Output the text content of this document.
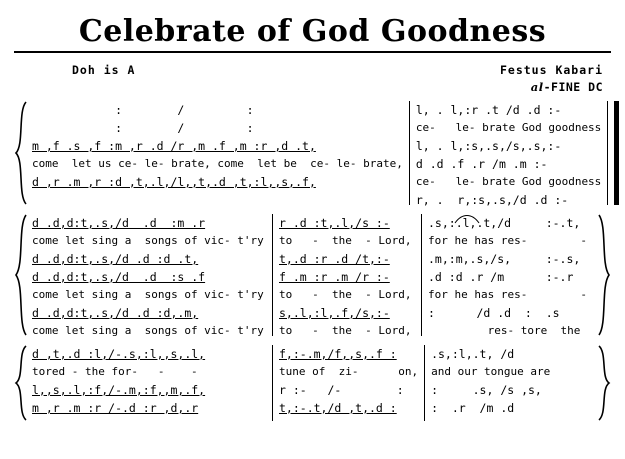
Celebrate of God Goodness
Doh is A	Festus Kabari
al-FINE DC
:        /         :
:        /         :
m ,f .s ,f :m ,r .d /r ,m .f ,m :r ,d .t,
come  let us ce- le- brate, come  let be  ce- le- brate,
d ,r .m ,r :d ,t,.l,/l,,t,.d ,t,:l,,s,.f,
l, . l,:r .t /d .d :-
ce-   le- brate God goodness
l, . l,:s,.s,/s,.s,:-
d .d .f .r /m .m :-
ce-   le- brate God goodness
r, .  r,:s,.s,/d .d :-
d .d,d:t,.s,/d  .d  :m .r
come let sing a  songs of vic- t'ry
d .d,d:t,.s,/d .d :d .t,
d .d,d:t,.s,/d  .d  :s .f
come let sing a  songs of vic- t'ry
d .d,d:t,.s,/d .d :d,.m,
come let sing a  songs of vic- t'ry
r .d :t,.l,/s :-
to   -  the  - Lord,
t,.d :r .d /t,:-
f .m :r .m /r :-
to   -  the  - Lord,
s,.l,:l,.f,/s,:-
to   -  the  - Lord,
.s,:.l,.t,/d     :-.t,
for he has res-        -
.m,:m,.s,/s,     :-.s,
.d :d .r /m      :-.r
for he has res-        -
:      /d .d  :  .s
res- tore  the
d ,t,.d :l,/-.s,:l,,s,.l,
tored - the for-   -    -
l,,s,.l,:f,/-.m,:f,,m,.f,
m ,r .m :r /-.d :r ,d,.r
f,:-.m,/f,,s,.f :
tune of  zi-      on,
r :-   /-        :
t,:-.t,/d ,t,.d :
.s,:l,.t, /d
and our tongue are
:     .s, /s ,s,
:  .r  /m .d
